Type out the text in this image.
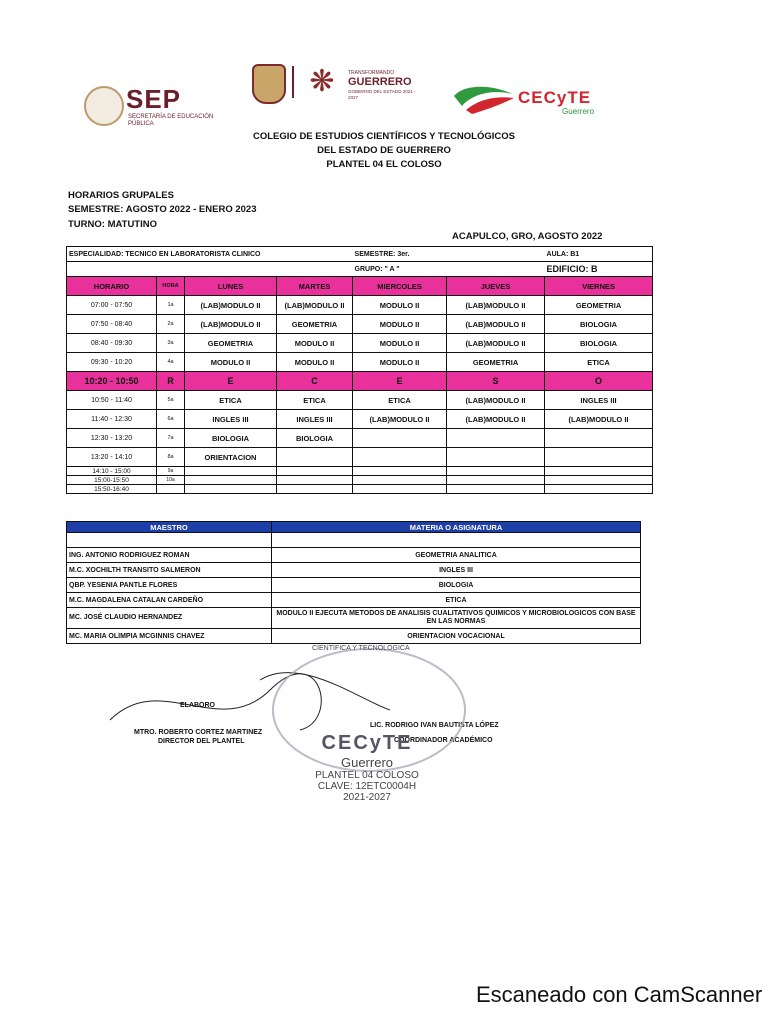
SEP
SECRETARÍA DE EDUCACIÓN PÚBLICA
❋	TRANSFORMANDO
GUERRERO
GOBIERNO DEL ESTADO 2021 - 2027	CECyTE
Guerrero
COLEGIO DE ESTUDIOS CIENTÍFICOS Y TECNOLÓGICOS
DEL ESTADO DE GUERRERO
PLANTEL 04 EL COLOSO
HORARIOS GRUPALES
SEMESTRE: AGOSTO 2022 - ENERO 2023
TURNO: MATUTINO
ACAPULCO, GRO, AGOSTO 2022
ESPECIALIDAD: TECNICO EN LABORATORISTA CLINICO				SEMESTRE: 3er.		AULA: B1
				GRUPO: " A "		EDIFICIO: B
HORARIO	HORA	LUNES	MARTES	MIERCOLES	JUEVES	VIERNES
07:00 - 07:50	1a	(LAB)MODULO II	(LAB)MODULO II	MODULO II	(LAB)MODULO II	GEOMETRIA
07:50 - 08:40	2a	(LAB)MODULO II	GEOMETRIA	MODULO II	(LAB)MODULO II	BIOLOGIA
08:40 - 09:30	3a	GEOMETRIA	MODULO II	MODULO II	(LAB)MODULO II	BIOLOGIA
09:30 - 10:20	4a	MODULO II	MODULO II	MODULO II	GEOMETRIA	ETICA
10:20 - 10:50	R	E	C	E	S	O
10:50 - 11:40	5a	ETICA	ETICA	ETICA	(LAB)MODULO II	INGLES III
11:40 - 12:30	6a	INGLES III	INGLES III	(LAB)MODULO II	(LAB)MODULO II	(LAB)MODULO II
12:30 - 13:20	7a	BIOLOGIA	BIOLOGIA			
13:20 - 14:10	8a	ORIENTACION				
14:10 - 15:00	9a					
15:00-15:50	10a					
15:50-16:40						
MAESTRO	MATERIA O ASIGNATURA

ING. ANTONIO RODRIGUEZ ROMAN	GEOMETRIA ANALITICA
M.C. XOCHILTH TRANSITO SALMERON	INGLES III
QBP. YESENIA PANTLE FLORES	BIOLOGIA
M.C. MAGDALENA CATALAN CARDEÑO	ETICA
MC. JOSÉ CLAUDIO HERNANDEZ	MODULO II EJECUTA METODOS DE ANALISIS CUALITATIVOS QUIMICOS Y MICROBIOLOGICOS CON BASE EN LAS NORMAS
MC. MARIA OLIMPIA MCGINNIS CHAVEZ	ORIENTACION VOCACIONAL
ELABORO
MTRO. ROBERTO CORTEZ MARTINEZ
DIRECTOR DEL PLANTEL
LIC. RODRIGO IVAN BAUTISTA LÓPEZ
COORDINADOR ACADÉMICO
CIENTÍFICA Y TECNOLÓGICA
CECyTE
Guerrero
PLANTEL 04 COLOSO
CLAVE: 12ETC0004H
2021-2027
Escaneado con CamScanner
